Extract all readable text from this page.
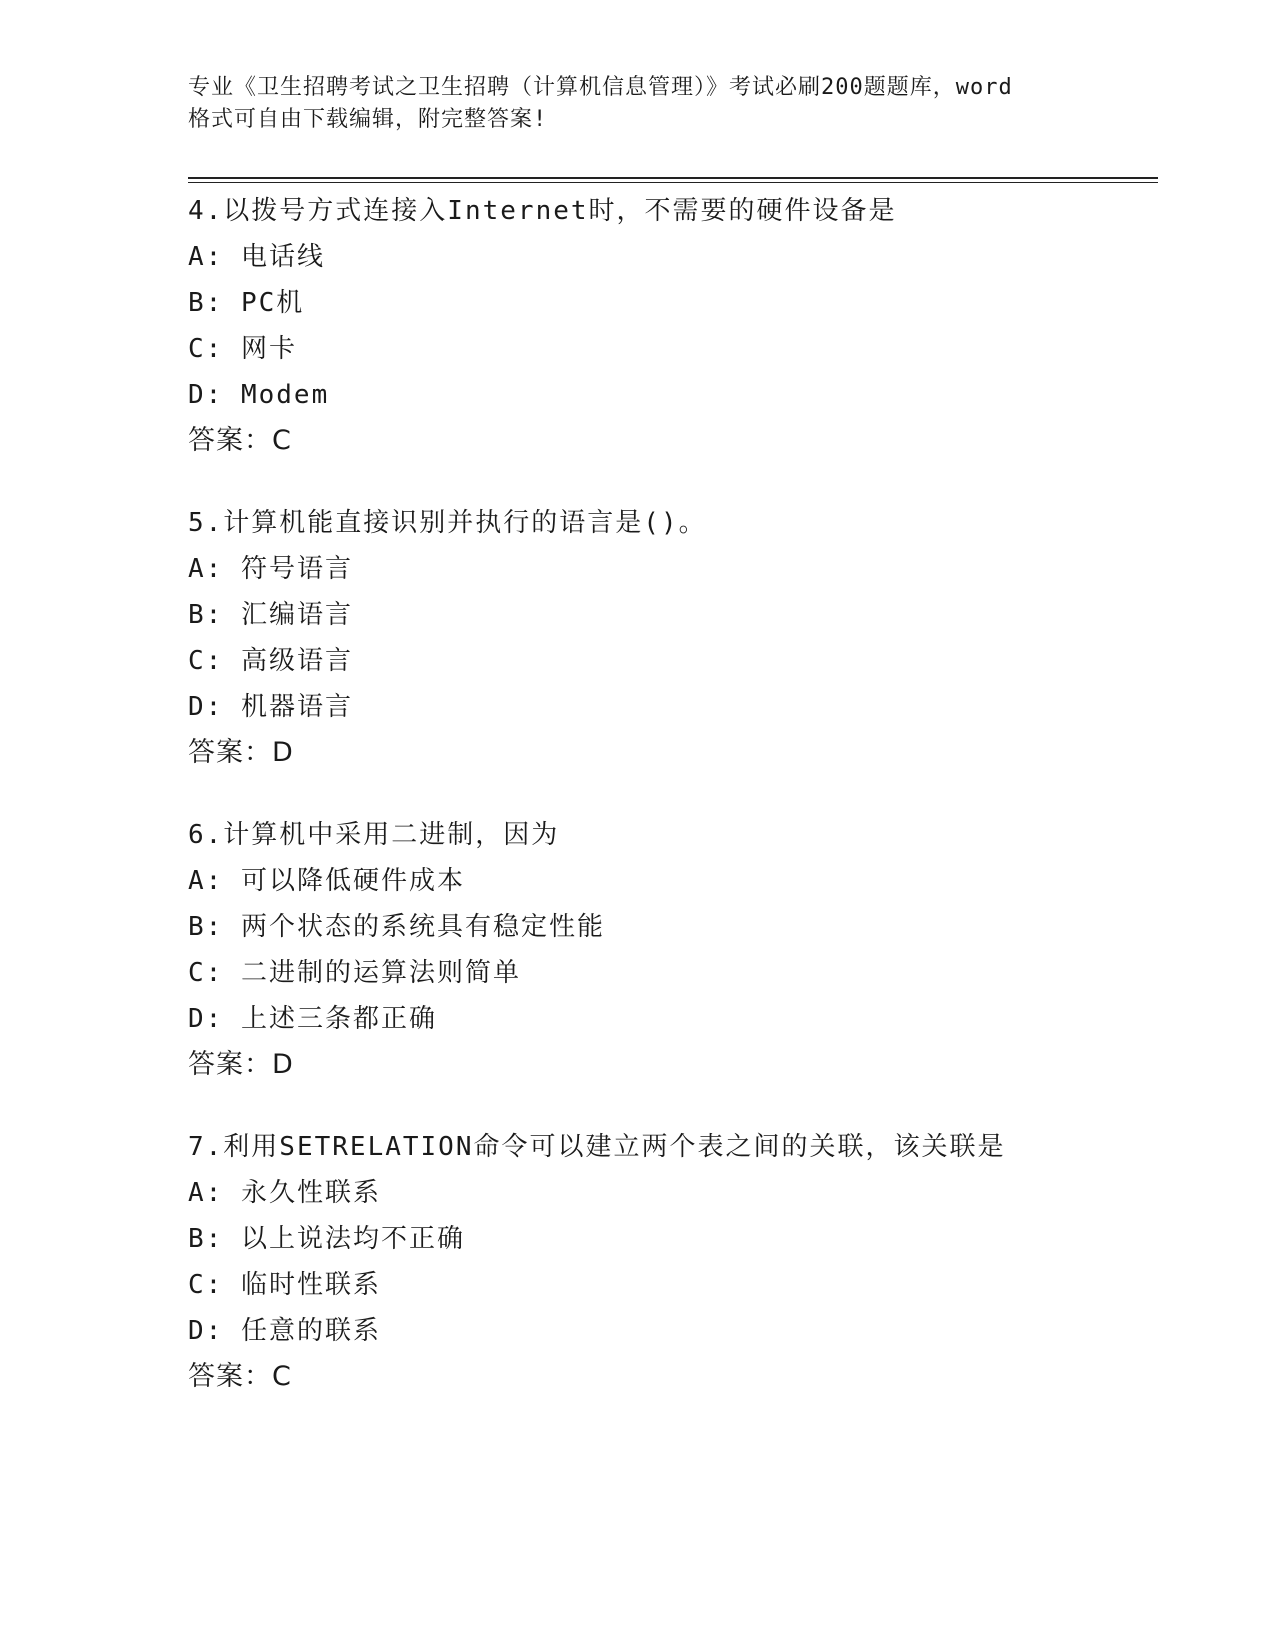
专业《卫生招聘考试之卫生招聘（计算机信息管理）》考试必刷200题题库，word
格式可自由下载编辑，附完整答案!
4.以拨号方式连接入Internet时，不需要的硬件设备是
A: 电话线
B: PC机
C: 网卡
D: Modem
答案：C
5.计算机能直接识别并执行的语言是()。
A: 符号语言
B: 汇编语言
C: 高级语言
D: 机器语言
答案：D
6.计算机中采用二进制，因为
A: 可以降低硬件成本
B: 两个状态的系统具有稳定性能
C: 二进制的运算法则简单
D: 上述三条都正确
答案：D
7.利用SETRELATION命令可以建立两个表之间的关联，该关联是
A: 永久性联系
B: 以上说法均不正确
C: 临时性联系
D: 任意的联系
答案：C
